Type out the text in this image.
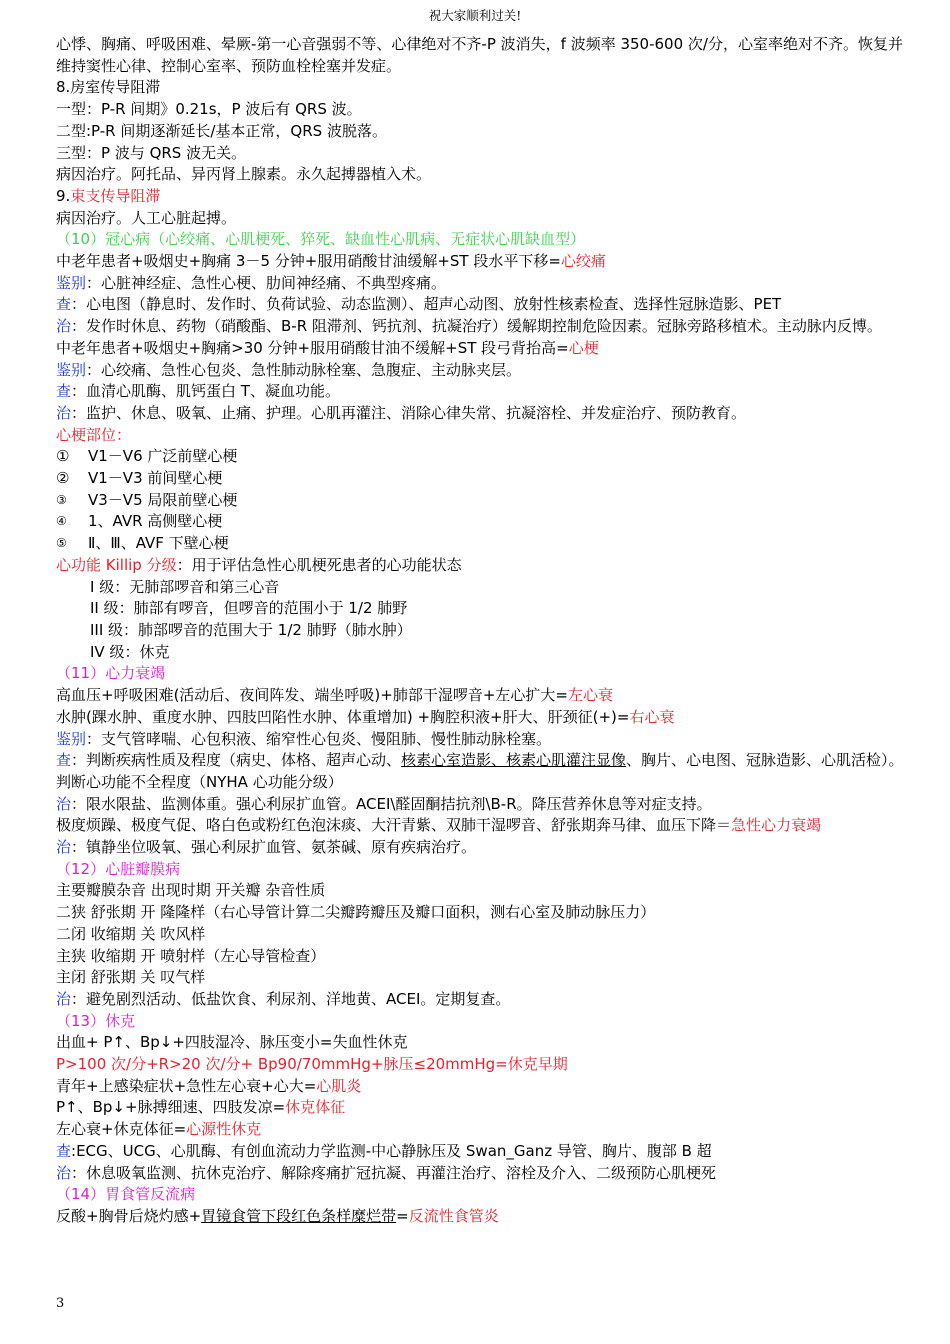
祝大家顺利过关!
心悸、胸痛、呼吸困难、晕厥-第一心音强弱不等、心律绝对不齐-P 波消失，f 波频率 350-600 次/分，心室率绝对不齐。恢复并维持窦性心律、控制心室率、预防血栓栓塞并发症。
8.房室传导阻滞
一型：P-R 间期》0.21s，P 波后有 QRS 波。
二型:P-R 间期逐渐延长/基本正常，QRS 波脱落。
三型：P 波与 QRS 波无关。
病因治疗。阿托品、异丙肾上腺素。永久起搏器植入术。
9.束支传导阻滞
病因治疗。人工心脏起搏。
（10）冠心病（心绞痛、心肌梗死、猝死、缺血性心肌病、无症状心肌缺血型）
中老年患者+吸烟史+胸痛 3－5 分钟+服用硝酸甘油缓解+ST 段水平下移=心绞痛
鉴别：心脏神经症、急性心梗、肋间神经痛、不典型疼痛。
查：心电图（静息时、发作时、负荷试验、动态监测）、超声心动图、放射性核素检查、选择性冠脉造影、PET
治：发作时休息、药物（硝酸酯、B-R 阻滞剂、钙抗剂、抗凝治疗）缓解期控制危险因素。冠脉旁路移植术。主动脉内反博。
中老年患者+吸烟史+胸痛>30 分钟+服用硝酸甘油不缓解+ST 段弓背抬高=心梗
鉴别：心绞痛、急性心包炎、急性肺动脉栓塞、急腹症、主动脉夹层。
查：血清心肌酶、肌钙蛋白 T、凝血功能。
治：监护、休息、吸氧、止痛、护理。心肌再灌注、消除心律失常、抗凝溶栓、并发症治疗、预防教育。
心梗部位：
①	V1－V6 广泛前壁心梗
②	V1－V3 前间壁心梗
③	V3－V5 局限前壁心梗
④	1、AVR 高侧壁心梗
⑤	Ⅱ、Ⅲ、AVF 下壁心梗
心功能 Killip 分级：用于评估急性心肌梗死患者的心功能状态
I 级：无肺部啰音和第三心音
II 级：肺部有啰音，但啰音的范围小于 1/2 肺野
III 级：肺部啰音的范围大于 1/2 肺野（肺水肿）
IV 级：休克
（11）心力衰竭
高血压+呼吸困难(活动后、夜间阵发、端坐呼吸)+肺部干湿啰音+左心扩大=左心衰
水肿(踝水肿、重度水肿、四肢凹陷性水肿、体重增加) +胸腔积液+肝大、肝颈征(+)=右心衰
鉴别：支气管哮喘、心包积液、缩窄性心包炎、慢阻肺、慢性肺动脉栓塞。
查：判断疾病性质及程度（病史、体格、超声心动、核素心室造影、核素心肌灌注显像、胸片、心电图、冠脉造影、心肌活检）。判断心功能不全程度（NYHA 心功能分级）
治：限水限盐、监测体重。强心利尿扩血管。ACEI\醛固酮拮抗剂\B-R。降压营养休息等对症支持。
极度烦躁、极度气促、咯白色或粉红色泡沫痰、大汗青紫、双肺干湿啰音、舒张期奔马律、血压下降＝急性心力衰竭
治：镇静坐位吸氧、强心利尿扩血管、氨茶碱、原有疾病治疗。
（12）心脏瓣膜病
主要瓣膜杂音 出现时期 开关瓣 杂音性质
二狭 舒张期 开 隆隆样（右心导管计算二尖瓣跨瓣压及瓣口面积，测右心室及肺动脉压力）
二闭 收缩期 关 吹风样
主狭 收缩期 开 喷射样（左心导管检查）
主闭 舒张期 关 叹气样
治：避免剧烈活动、低盐饮食、利尿剂、洋地黄、ACEI。定期复查。
（13）休克
出血+ P↑、Bp↓+四肢湿冷、脉压变小=失血性休克
P>100 次/分+R>20 次/分+ Bp90/70mmHg+脉压≤20mmHg=休克早期
青年+上感染症状+急性左心衰+心大=心肌炎
P↑、Bp↓+脉搏细速、四肢发凉=休克体征
左心衰+休克体征=心源性休克
查:ECG、UCG、心肌酶、有创血流动力学监测-中心静脉压及 Swan_Ganz 导管、胸片、腹部 B 超
治：休息吸氧监测、抗休克治疗、解除疼痛扩冠抗凝、再灌注治疗、溶栓及介入、二级预防心肌梗死
（14）胃食管反流病
反酸+胸骨后烧灼感+胃镜食管下段红色条样糜烂带=反流性食管炎
3
